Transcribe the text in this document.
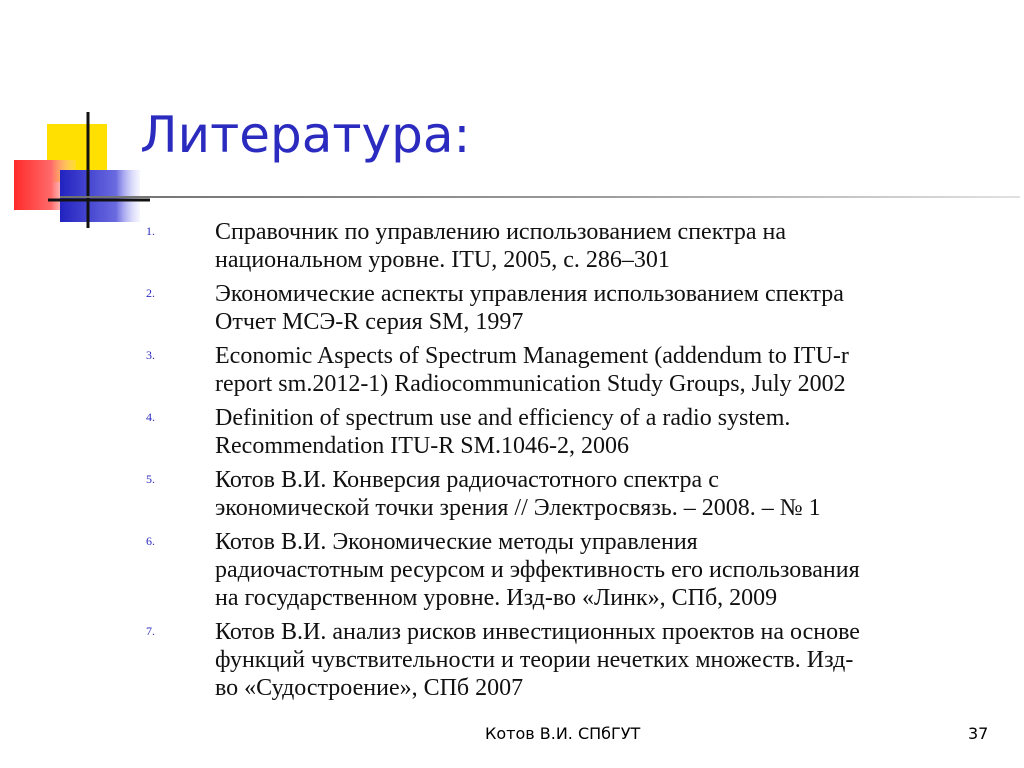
Литература:
1.	Справочник по управлению использованием спектра на
национальном уровне. ITU, 2005, с. 286–301
2.	Экономические аспекты управления использованием спектра
Отчет МСЭ-R серия SM, 1997
3.	Economic Aspects of Spectrum Management (addendum to ITU-r
report sm.2012-1) Radiocommunication Study Groups, July 2002
4.	Definition of spectrum use and efficiency of a radio system.
Recommendation ITU-R SM.1046-2, 2006
5.	Котов В.И. Конверсия радиочастотного спектра с
экономической точки зрения // Электросвязь. – 2008. – № 1
6.	Котов В.И. Экономические методы управления
радиочастотным ресурсом и эффективность его использования
на государственном уровне. Изд-во «Линк», СПб, 2009
7.	Котов В.И. анализ рисков инвестиционных проектов на основе
функций чувствительности и теории нечетких множеств. Изд-
во «Судостроение», СПб 2007
Котов В.И. СПбГУТ	37
